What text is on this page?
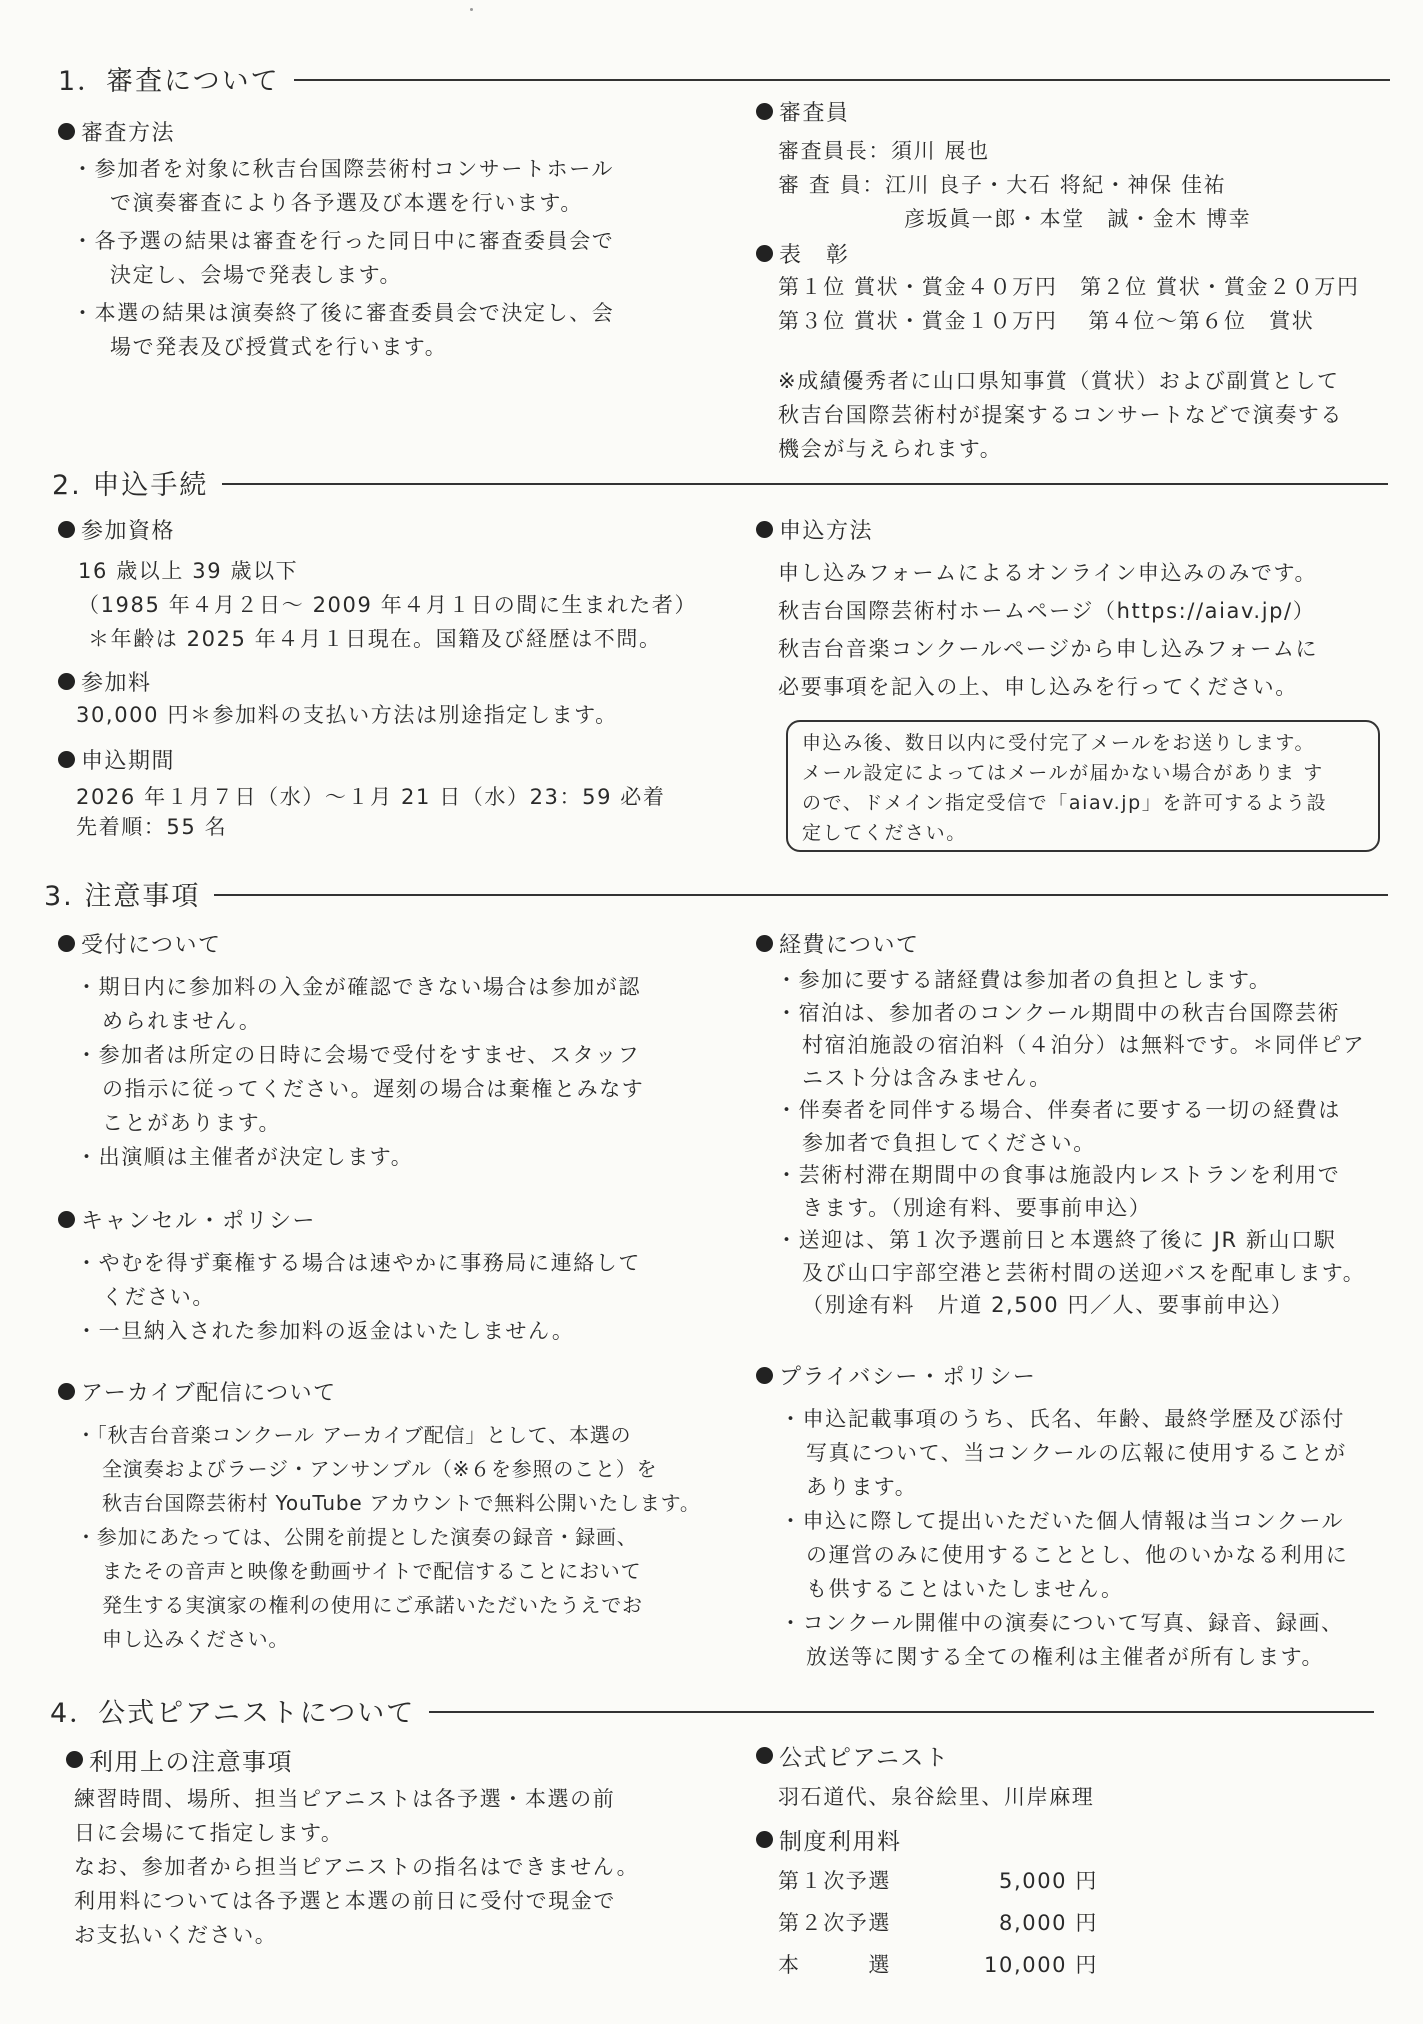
1．審査について
審査方法
・参加者を対象に秋吉台国際芸術村コンサートホール
で演奏審査により各予選及び本選を行います。
・各予選の結果は審査を行った同日中に審査委員会で
決定し、会場で発表します。
・本選の結果は演奏終了後に審査委員会で決定し、会
場で発表及び授賞式を行います。
審査員
審査員長：須川 展也
審 査 員：江川 良子・大石 将紀・神保 佳祐
彦坂眞一郎・本堂　誠・金木 博幸
表　彰
第１位 賞状・賞金４０万円　第２位 賞状・賞金２０万円
第３位 賞状・賞金１０万円　 第４位～第６位　賞状
※成績優秀者に山口県知事賞（賞状）および副賞として
秋吉台国際芸術村が提案するコンサートなどで演奏する
機会が与えられます。
2. 申込手続
参加資格
16 歳以上 39 歳以下
（1985 年４月２日～ 2009 年４月１日の間に生まれた者）
＊年齢は 2025 年４月１日現在。国籍及び経歴は不問。
参加料
30,000 円＊参加料の支払い方法は別途指定します。
申込期間
2026 年１月７日（水）～１月 21 日（水）23：59 必着
先着順：55 名
申込方法
申し込みフォームによるオンライン申込みのみです。
秋吉台国際芸術村ホームページ（https://aiav.jp/）
秋吉台音楽コンクールページから申し込みフォームに
必要事項を記入の上、申し込みを行ってください。
申込み後、数日以内に受付完了メールをお送りします。
メール設定によってはメールが届かない場合がありま す
ので、ドメイン指定受信で「aiav.jp」を許可するよう設
定してください。
3. 注意事項
受付について
・期日内に参加料の入金が確認できない場合は参加が認
められません。
・参加者は所定の日時に会場で受付をすませ、スタッフ
の指示に従ってください。遅刻の場合は棄権とみなす
ことがあります。
・出演順は主催者が決定します。
キャンセル・ポリシー
・やむを得ず棄権する場合は速やかに事務局に連絡して
ください。
・一旦納入された参加料の返金はいたしません。
アーカイブ配信について
・「秋吉台音楽コンクール アーカイブ配信」として、本選の
全演奏およびラージ・アンサンブル（※６を参照のこと）を
秋吉台国際芸術村 YouTube アカウントで無料公開いたします。
・参加にあたっては、公開を前提とした演奏の録音・録画、
またその音声と映像を動画サイトで配信することにおいて
発生する実演家の権利の使用にご承諾いただいたうえでお
申し込みください。
経費について
・参加に要する諸経費は参加者の負担とします。
・宿泊は、参加者のコンクール期間中の秋吉台国際芸術
村宿泊施設の宿泊料（４泊分）は無料です。＊同伴ピア
ニスト分は含みません。
・伴奏者を同伴する場合、伴奏者に要する一切の経費は
参加者で負担してください。
・芸術村滞在期間中の食事は施設内レストランを利用で
きます。（別途有料、要事前申込）
・送迎は、第１次予選前日と本選終了後に JR 新山口駅
及び山口宇部空港と芸術村間の送迎バスを配車します。
（別途有料　片道 2,500 円／人、要事前申込）
プライバシー・ポリシー
・申込記載事項のうち、氏名、年齢、最終学歴及び添付
写真について、当コンクールの広報に使用することが
あります。
・申込に際して提出いただいた個人情報は当コンクール
の運営のみに使用することとし、他のいかなる利用に
も供することはいたしません。
・コンクール開催中の演奏について写真、録音、録画、
放送等に関する全ての権利は主催者が所有します。
4．公式ピアニストについて
利用上の注意事項
練習時間、場所、担当ピアニストは各予選・本選の前
日に会場にて指定します。
なお、参加者から担当ピアニストの指名はできません。
利用料については各予選と本選の前日に受付で現金で
お支払いください。
公式ピアニスト
羽石道代、泉谷絵里、川岸麻理
制度利用料
第１次予選	5,000 円
第２次予選	8,000 円
本　　　選	10,000 円
